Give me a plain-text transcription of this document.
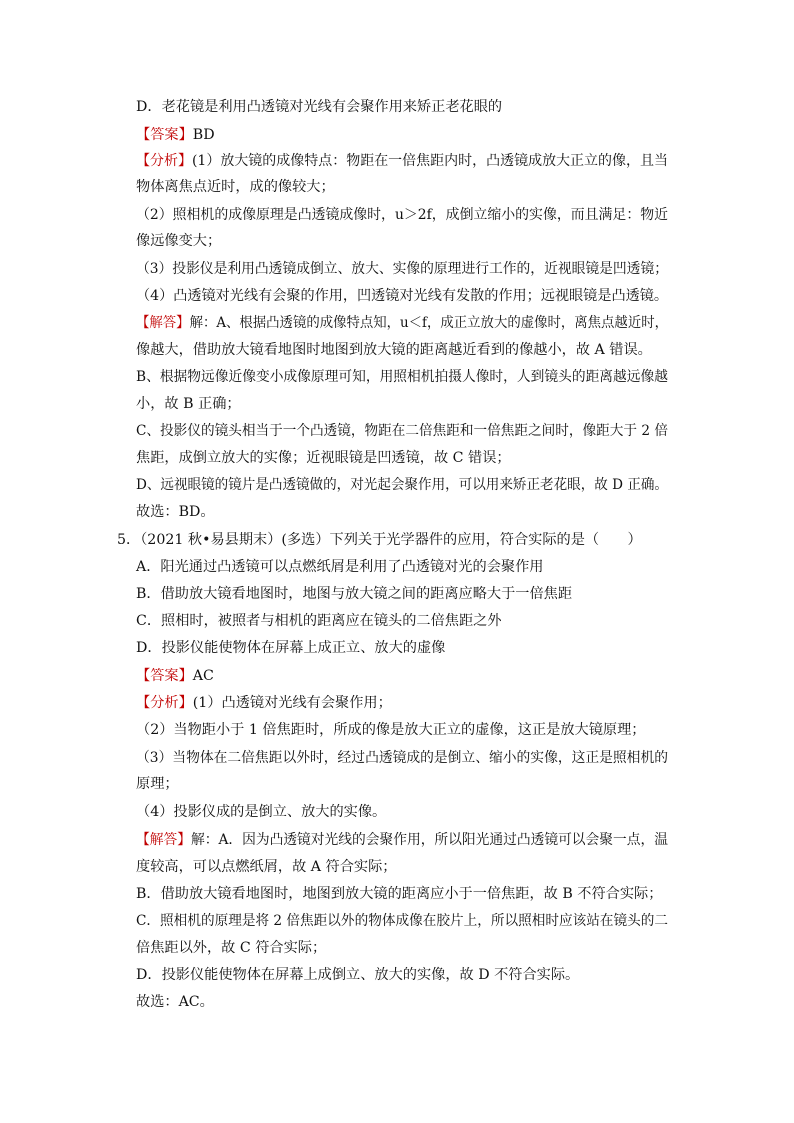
D．老花镜是利用凸透镜对光线有会聚作用来矫正老花眼的
【答案】BD
【分析】(1）放大镜的成像特点：物距在一倍焦距内时，凸透镜成放大正立的像，且当
物体离焦点近时，成的像较大；
（2）照相机的成像原理是凸透镜成像时，u＞2f，成倒立缩小的实像，而且满足：物近
像远像变大；
（3）投影仪是利用凸透镜成倒立、放大、实像的原理进行工作的，近视眼镜是凹透镜；
（4）凸透镜对光线有会聚的作用，凹透镜对光线有发散的作用；远视眼镜是凸透镜。
【解答】解：A、根据凸透镜的成像特点知，u＜f，成正立放大的虚像时，离焦点越近时，
像越大，借助放大镜看地图时地图到放大镜的距离越近看到的像越小，故 A 错误。
B、根据物远像近像变小成像原理可知，用照相机拍摄人像时，人到镜头的距离越远像越
小，故 B 正确；
C、投影仪的镜头相当于一个凸透镜，物距在二倍焦距和一倍焦距之间时，像距大于 2 倍
焦距，成倒立放大的实像；近视眼镜是凹透镜，故 C 错误；
D、远视眼镜的镜片是凸透镜做的，对光起会聚作用，可以用来矫正老花眼，故 D 正确。
故选：BD。
5．（2021 秋•易县期末）(多选）下列关于光学器件的应用，符合实际的是（　　）
A．阳光通过凸透镜可以点燃纸屑是利用了凸透镜对光的会聚作用
B．借助放大镜看地图时，地图与放大镜之间的距离应略大于一倍焦距
C．照相时，被照者与相机的距离应在镜头的二倍焦距之外
D．投影仪能使物体在屏幕上成正立、放大的虚像
【答案】AC
【分析】(1）凸透镜对光线有会聚作用；
（2）当物距小于 1 倍焦距时，所成的像是放大正立的虚像，这正是放大镜原理；
（3）当物体在二倍焦距以外时，经过凸透镜成的是倒立、缩小的实像，这正是照相机的
原理；
（4）投影仪成的是倒立、放大的实像。
【解答】解：A．因为凸透镜对光线的会聚作用，所以阳光通过凸透镜可以会聚一点，温
度较高，可以点燃纸屑，故 A 符合实际；
B．借助放大镜看地图时，地图到放大镜的距离应小于一倍焦距，故 B 不符合实际；
C．照相机的原理是将 2 倍焦距以外的物体成像在胶片上，所以照相时应该站在镜头的二
倍焦距以外，故 C 符合实际；
D．投影仪能使物体在屏幕上成倒立、放大的实像，故 D 不符合实际。
故选：AC。
